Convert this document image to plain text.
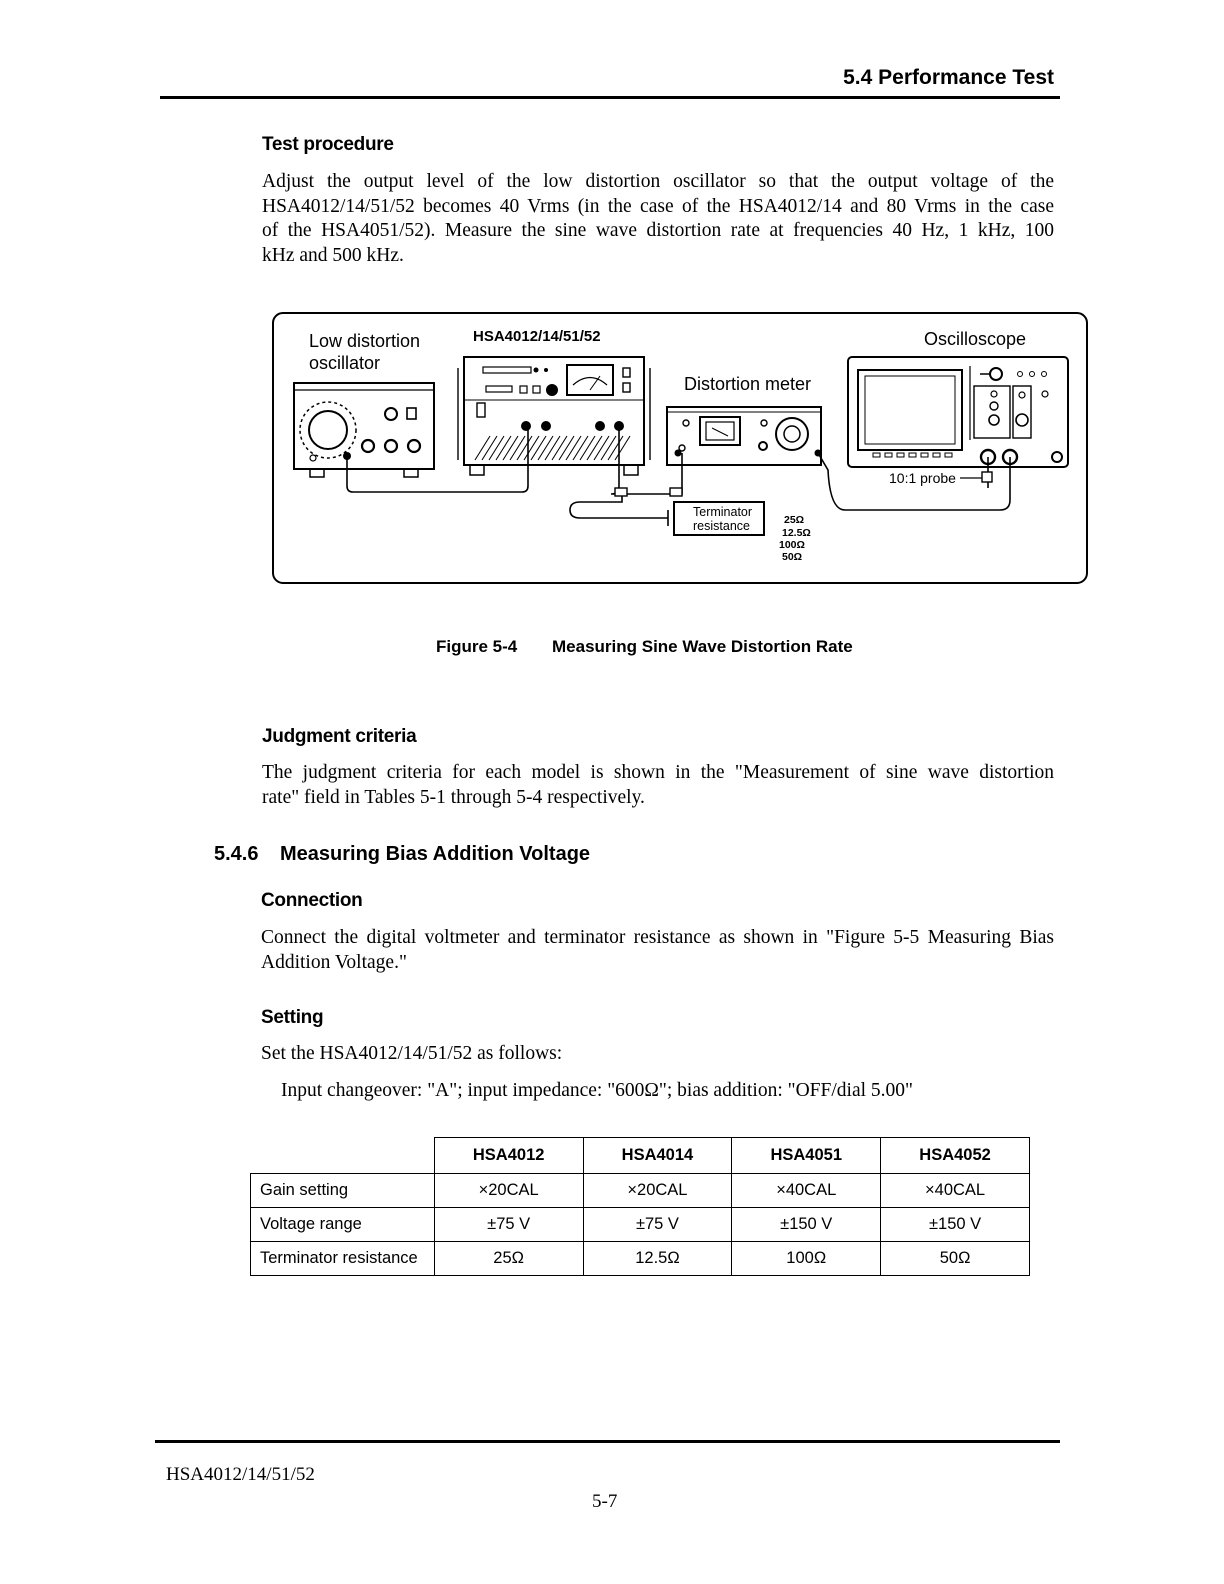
5.4 Performance Test
Test procedure
Adjust the output level of the low distortion oscillator so that the output voltage of the
HSA4012/14/51/52 becomes 40 Vrms (in the case of the HSA4012/14 and 80 Vrms in the case
of the HSA4051/52). Measure the sine wave distortion rate at frequencies 40 Hz, 1 kHz, 100
kHz and 500 kHz.
Low distortion
oscillator
HSA4012/14/51/52
Distortion meter
Oscilloscope
10:1 probe
Terminator
resistance	25Ω
12.5Ω
100Ω
50Ω
Figure 5-4 Measuring Sine Wave Distortion Rate
Judgment criteria
The judgment criteria for each model is shown in the "Measurement of sine wave distortion
rate" field in Tables 5-1 through 5-4 respectively.
5.4.6 Measuring Bias Addition Voltage
Connection
Connect the digital voltmeter and terminator resistance as shown in "Figure 5-5 Measuring Bias
Addition Voltage."
Setting
Set the HSA4012/14/51/52 as follows:
Input changeover: "A"; input impedance: "600Ω"; bias addition: "OFF/dial 5.00"
	HSA4012	HSA4014	HSA4051	HSA4052
Gain setting	×20CAL	×20CAL	×40CAL	×40CAL
Voltage range	±75 V	±75 V	±150 V	±150 V
Terminator resistance	25Ω	12.5Ω	100Ω	50Ω
HSA4012/14/51/52
5-7
